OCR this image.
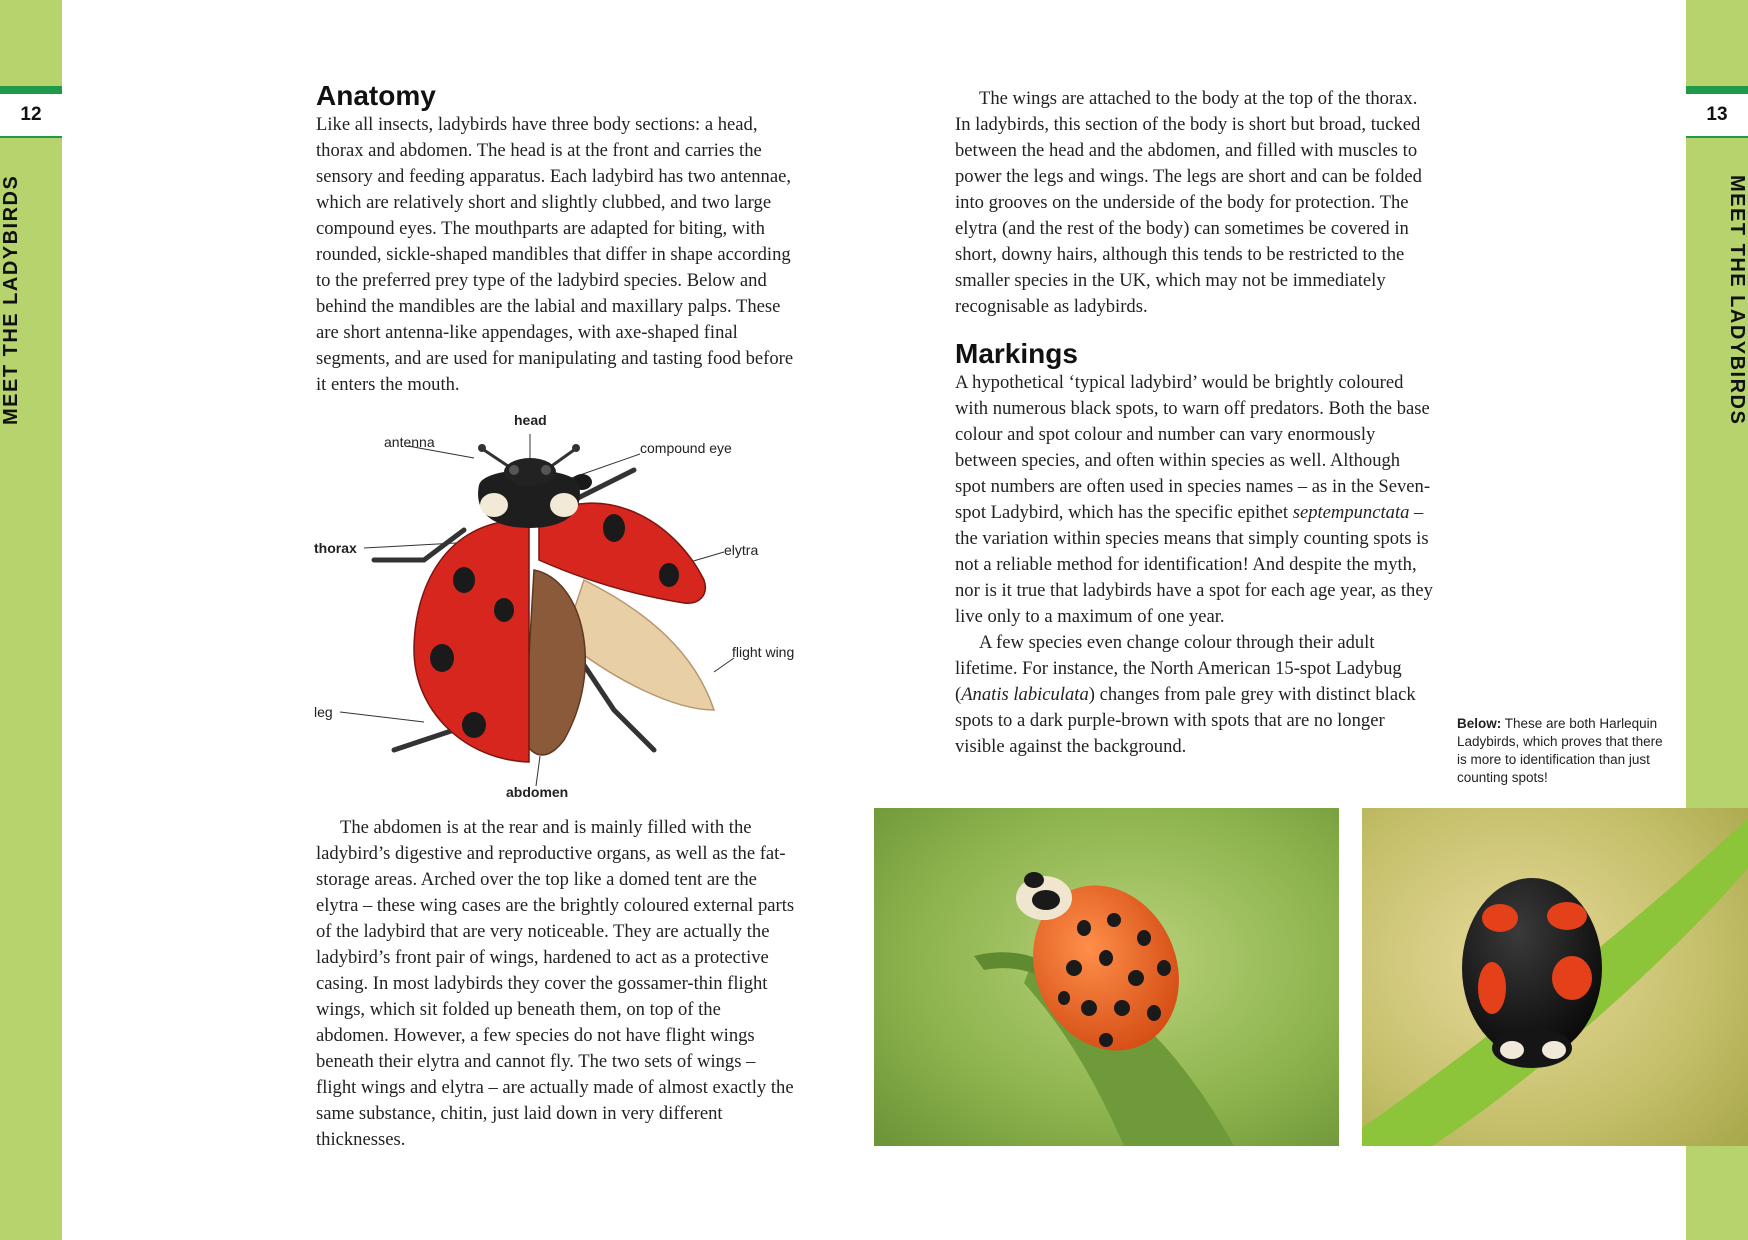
12	13
MEET THE LADYBIRDS	MEET THE LADYBIRDS
Anatomy

Like all insects, ladybirds have three body sections: a head, thorax and abdomen. The head is at the front and carries the sensory and feeding apparatus. Each ladybird has two antennae, which are relatively short and slightly clubbed, and two large compound eyes. The mouthparts are adapted for biting, with rounded, sickle-shaped mandibles that differ in shape according to the preferred prey type of the ladybird species. Below and behind the mandibles are the labial and maxillary palps. These are short antenna-like appendages, with axe-shaped final segments, and are used for manipulating and tasting food before it enters the mouth.

head
antenna	compound eye
thorax	elytra
flight wing
leg
abdomen

The abdomen is at the rear and is mainly filled with the ladybird’s digestive and reproductive organs, as well as the fat-storage areas. Arched over the top like a domed tent are the elytra – these wing cases are the brightly coloured external parts of the ladybird that are very noticeable. They are actually the ladybird’s front pair of wings, hardened to act as a protective casing. In most ladybirds they cover the gossamer-thin flight wings, which sit folded up beneath them, on top of the abdomen. However, a few species do not have flight wings beneath their elytra and cannot fly. The two sets of wings – flight wings and elytra – are actually made of almost exactly the same substance, chitin, just laid down in very different thicknesses.

The wings are attached to the body at the top of the thorax. In ladybirds, this section of the body is short but broad, tucked between the head and the abdomen, and filled with muscles to power the legs and wings. The legs are short and can be folded into grooves on the underside of the body for protection. The elytra (and the rest of the body) can sometimes be covered in short, downy hairs, although this tends to be restricted to the smaller species in the UK, which may not be immediately recognisable as ladybirds.

Markings

A hypothetical ‘typical ladybird’ would be brightly coloured with numerous black spots, to warn off predators. Both the base colour and spot colour and number can vary enormously between species, and often within species as well. Although spot numbers are often used in species names – as in the Seven-spot Ladybird, which has the specific epithet septempunctata – the variation within species means that simply counting spots is not a reliable method for identification! And despite the myth, nor is it true that ladybirds have a spot for each age year, as they live only to a maximum of one year.

A few species even change colour through their adult lifetime. For instance, the North American 15-spot Ladybug (Anatis labiculata) changes from pale grey with distinct black spots to a dark purple-brown with spots that are no longer visible against the background.

Below: These are both Harlequin Ladybirds, which proves that there is more to identification than just counting spots!
